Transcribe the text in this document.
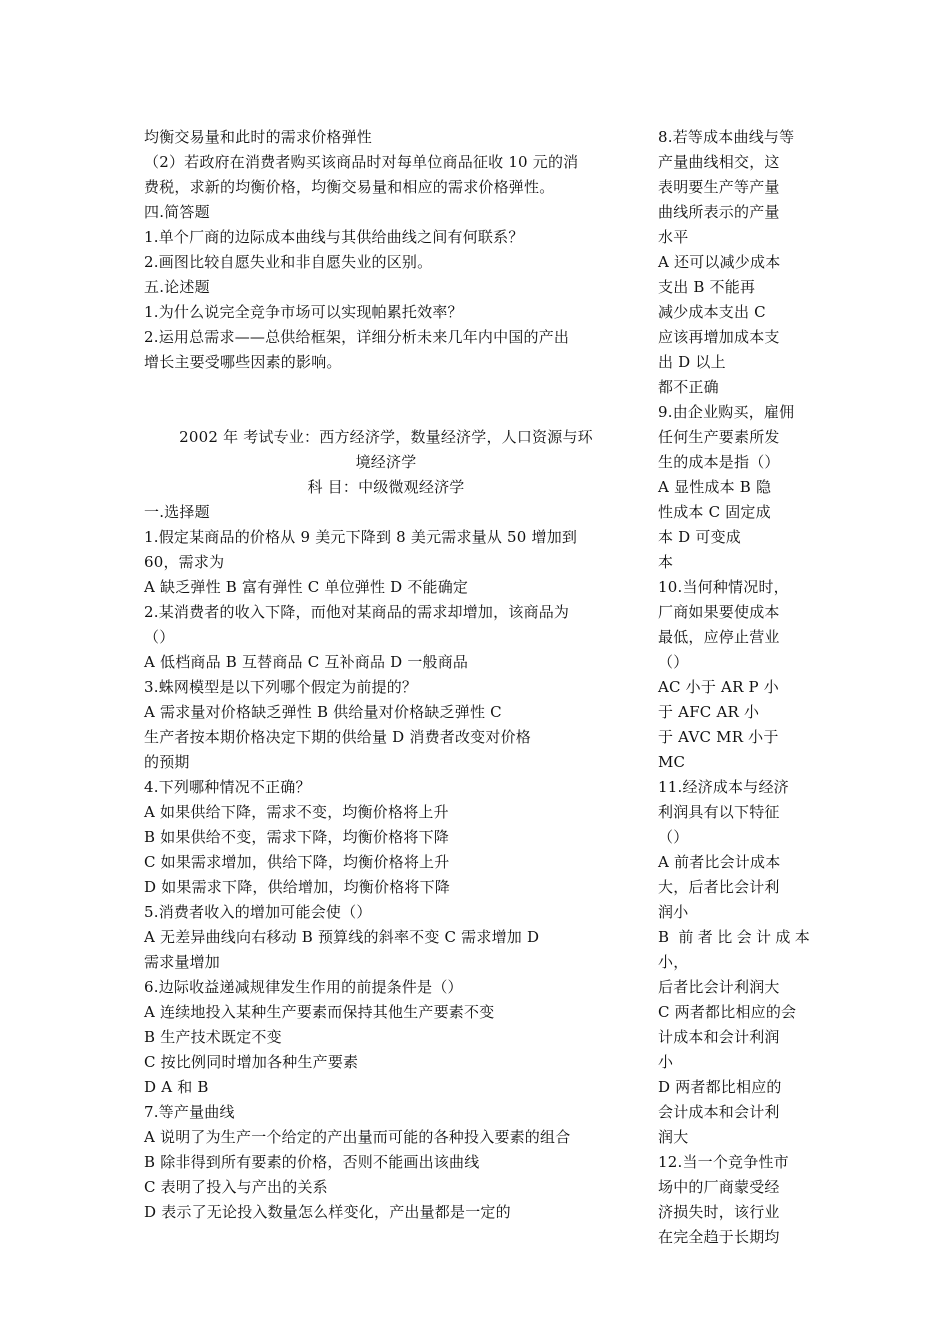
均衡交易量和此时的需求价格弹性
（2）若政府在消费者购买该商品时对每单位商品征收 10 元的消
费税，求新的均衡价格，均衡交易量和相应的需求价格弹性。
四.简答题
1.单个厂商的边际成本曲线与其供给曲线之间有何联系？
2.画图比较自愿失业和非自愿失业的区别。
五.论述题
1.为什么说完全竞争市场可以实现帕累托效率？
2.运用总需求——总供给框架，详细分析未来几年内中国的产出
增长主要受哪些因素的影响。
2002 年 考试专业：西方经济学，数量经济学，人口资源与环
境经济学
科 目：中级微观经济学
一.选择题
1.假定某商品的价格从 9 美元下降到 8 美元需求量从 50 增加到
60，需求为
A 缺乏弹性 B 富有弹性 C 单位弹性 D 不能确定
2.某消费者的收入下降，而他对某商品的需求却增加，该商品为
（）
A 低档商品 B 互替商品 C 互补商品 D 一般商品
3.蛛网模型是以下列哪个假定为前提的？
A 需求量对价格缺乏弹性 B 供给量对价格缺乏弹性 C
生产者按本期价格决定下期的供给量 D 消费者改变对价格
的预期
4.下列哪种情况不正确？
A 如果供给下降，需求不变，均衡价格将上升
B 如果供给不变，需求下降，均衡价格将下降
C 如果需求增加，供给下降，均衡价格将上升
D 如果需求下降，供给增加，均衡价格将下降
5.消费者收入的增加可能会使（）
A 无差异曲线向右移动 B 预算线的斜率不变 C 需求增加 D
需求量增加
6.边际收益递减规律发生作用的前提条件是（）
A 连续地投入某种生产要素而保持其他生产要素不变
B 生产技术既定不变
C 按比例同时增加各种生产要素
D A 和 B
7.等产量曲线
A 说明了为生产一个给定的产出量而可能的各种投入要素的组合
B 除非得到所有要素的价格，否则不能画出该曲线
C 表明了投入与产出的关系
D 表示了无论投入数量怎么样变化，产出量都是一定的
8.若等成本曲线与等
产量曲线相交，这
表明要生产等产量
曲线所表示的产量
水平
A 还可以减少成本
支出 B 不能再
减少成本支出 C
应该再增加成本支
出 D 以上
都不正确
9.由企业购买，雇佣
任何生产要素所发
生的成本是指（）
A 显性成本 B 隐
性成本 C 固定成
本 D 可变成
本
10.当何种情况时，
厂商如果要使成本
最低，应停止营业
（）
AC 小于 AR P 小
于 AFC AR 小
于 AVC MR 小于
MC
11.经济成本与经济
利润具有以下特征
（）
A 前者比会计成本
大，后者比会计利
润小
B 前者比会计成本小，
后者比会计利润大
C 两者都比相应的会
计成本和会计利润
小
D 两者都比相应的
会计成本和会计利
润大
12.当一个竞争性市
场中的厂商蒙受经
济损失时，该行业
在完全趋于长期均
